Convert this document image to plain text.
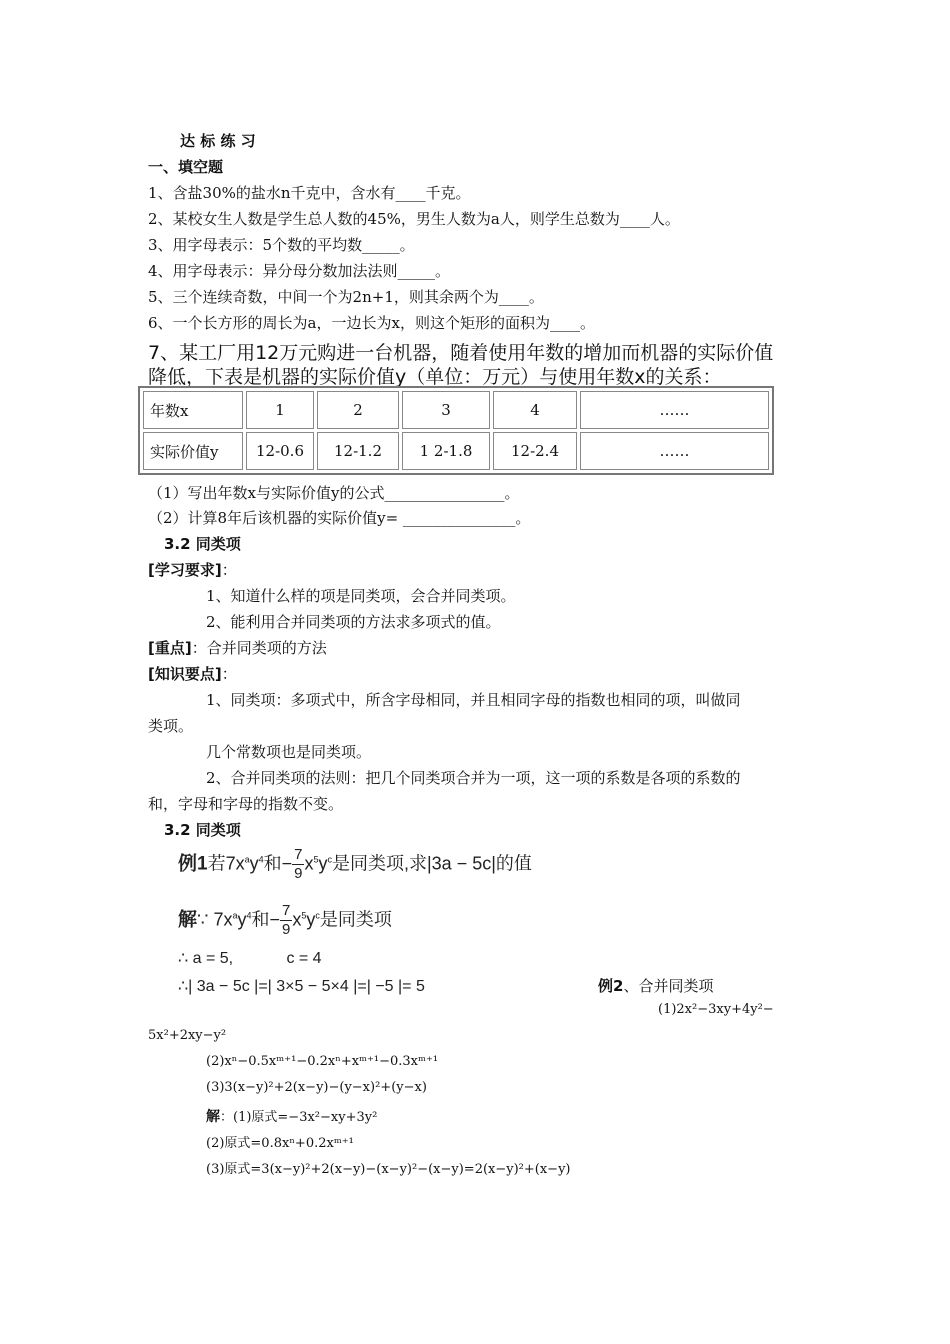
达 标 练 习
一、填空题
1、含盐30%的盐水n千克中，含水有____千克。
2、某校女生人数是学生总人数的45%，男生人数为a人，则学生总数为____人。
3、用字母表示：5个数的平均数_____。
4、用字母表示：异分母分数加法法则_____。
5、三个连续奇数，中间一个为2n+1，则其余两个为____。
6、一个长方形的周长为a，一边长为x，则这个矩形的面积为____。
7、某工厂用12万元购进一台机器，随着使用年数的增加而机器的实际价值
降低，下表是机器的实际价值y（单位：万元）与使用年数x的关系：
年数x	1	2	3	4	……
实际价值y	12-0.6	12-1.2	1 2-1.8	12-2.4	……
（1）写出年数x与实际价值y的公式________________。
（2）计算8年后该机器的实际价值y= _______________。
3.2 同类项
[学习要求]：
1、知道什么样的项是同类项，会合并同类项。
2、能利用合并同类项的方法求多项式的值。
[重点]：合并同类项的方法
[知识要点]：
1、同类项：多项式中，所含字母相同，并且相同字母的指数也相同的项，叫做同
类项。
几个常数项也是同类项。
2、合并同类项的法则：把几个同类项合并为一项，这一项的系数是各项的系数的
和，字母和字母的指数不变。
3.2 同类项
例1若$7x^ay^4$和− $\frac{7}{9} x^5y^c$是同类项,求|3a − 5c|的值
解∵ $7x^ay^4$和− $\frac{7}{9} x^5y^c$是同类项
∴ a = 5,            c = 4
∴| 3a − 5c |=| 3×5 − 5×4 |=| −5 |= 5	例2、合并同类项
(1)2x²−3xy+4y²−
5x²+2xy−y²
(2)xⁿ−0.5xᵐ⁺¹−0.2xⁿ+xᵐ⁺¹−0.3xᵐ⁺¹
(3)3(x−y)²+2(x−y)−(y−x)²+(y−x)
解：(1)原式=−3x²−xy+3y²
(2)原式=0.8xⁿ+0.2xᵐ⁺¹
(3)原式=3(x−y)²+2(x−y)−(x−y)²−(x−y)=2(x−y)²+(x−y)
